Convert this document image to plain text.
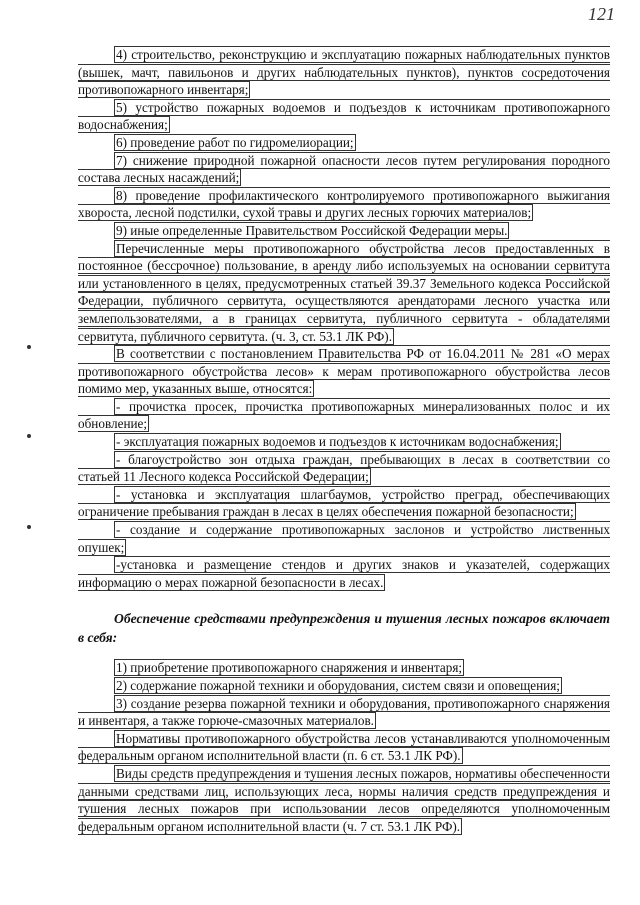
121

4) строительство, реконструкцию и эксплуатацию пожарных наблюдательных пунктов (вышек, мачт, павильонов и других наблюдательных пунктов), пунктов сосредоточения противопожарного инвентаря;

5) устройство пожарных водоемов и подъездов к источникам противопожарного водоснабжения;

6) проведение работ по гидромелиорации;

7) снижение природной пожарной опасности лесов путем регулирования породного состава лесных насаждений;

8) проведение профилактического контролируемого противопожарного выжигания хвороста, лесной подстилки, сухой травы и других лесных горючих материалов;

9) иные определенные Правительством Российской Федерации меры.

Перечисленные меры противопожарного обустройства лесов предоставленных в постоянное (бессрочное) пользование, в аренду либо используемых на основании сервитута или установленного в целях, предусмотренных статьей 39.37 Земельного кодекса Российской Федерации, публичного сервитута, осуществляются арендаторами лесного участка или землепользователями, а в границах сервитута, публичного сервитута - обладателями сервитута, публичного сервитута. (ч. 3, ст. 53.1 ЛК РФ).

В соответствии с постановлением Правительства РФ от 16.04.2011 № 281 «О мерах противопожарного обустройства лесов» к мерам противопожарного обустройства лесов помимо мер, указанных выше, относятся:

- прочистка просек, прочистка противопожарных минерализованных полос и их обновление;

- эксплуатация пожарных водоемов и подъездов к источникам водоснабжения;

- благоустройство зон отдыха граждан, пребывающих в лесах в соответствии со статьей 11 Лесного кодекса Российской Федерации;

- установка и эксплуатация шлагбаумов, устройство преград, обеспечивающих ограничение пребывания граждан в лесах в целях обеспечения пожарной безопасности;

- создание и содержание противопожарных заслонов и устройство лиственных опушек;

-установка и размещение стендов и других знаков и указателей, содержащих информацию о мерах пожарной безопасности в лесах.

Обеспечение средствами предупреждения и тушения лесных пожаров включает в себя:

1) приобретение противопожарного снаряжения и инвентаря;

2) содержание пожарной техники и оборудования, систем связи и оповещения;

3) создание резерва пожарной техники и оборудования, противопожарного снаряжения и инвентаря, а также горюче-смазочных материалов.

Нормативы противопожарного обустройства лесов устанавливаются уполномоченным федеральным органом исполнительной власти (п. 6 ст. 53.1 ЛК РФ).

Виды средств предупреждения и тушения лесных пожаров, нормативы обеспеченности данными средствами лиц, использующих леса, нормы наличия средств предупреждения и тушения лесных пожаров при использовании лесов определяются уполномоченным федеральным органом исполнительной власти (ч. 7 ст. 53.1 ЛК РФ).
